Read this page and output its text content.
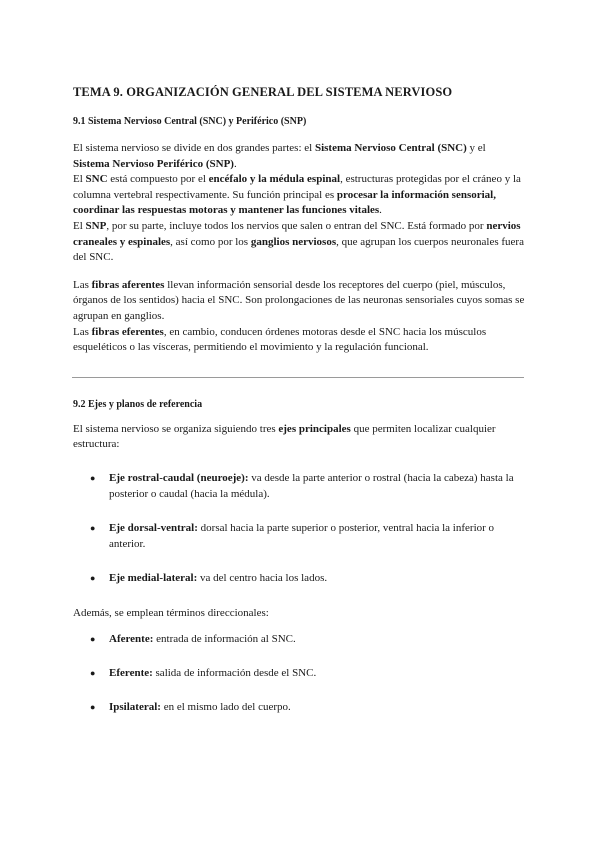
TEMA 9. ORGANIZACIÓN GENERAL DEL SISTEMA NERVIOSO
9.1 Sistema Nervioso Central (SNC) y Periférico (SNP)

El sistema nervioso se divide en dos grandes partes: el Sistema Nervioso Central (SNC) y el Sistema Nervioso Periférico (SNP).

El SNC está compuesto por el encéfalo y la médula espinal, estructuras protegidas por el cráneo y la columna vertebral respectivamente. Su función principal es procesar la información sensorial, coordinar las respuestas motoras y mantener las funciones vitales.

El SNP, por su parte, incluye todos los nervios que salen o entran del SNC. Está formado por nervios craneales y espinales, así como por los ganglios nerviosos, que agrupan los cuerpos neuronales fuera del SNC.

Las fibras aferentes llevan información sensorial desde los receptores del cuerpo (piel, músculos, órganos de los sentidos) hacia el SNC. Son prolongaciones de las neuronas sensoriales cuyos somas se agrupan en ganglios.

Las fibras eferentes, en cambio, conducen órdenes motoras desde el SNC hacia los músculos esqueléticos o las vísceras, permitiendo el movimiento y la regulación funcional.

9.2 Ejes y planos de referencia

El sistema nervioso se organiza siguiendo tres ejes principales que permiten localizar cualquier estructura:

● Eje rostral-caudal (neuroeje): va desde la parte anterior o rostral (hacia la cabeza) hasta la posterior o caudal (hacia la médula).
● Eje dorsal-ventral: dorsal hacia la parte superior o posterior, ventral hacia la inferior o anterior.
● Eje medial-lateral: va del centro hacia los lados.

Además, se emplean términos direccionales:

● Aferente: entrada de información al SNC.
● Eferente: salida de información desde el SNC.
● Ipsilateral: en el mismo lado del cuerpo.
